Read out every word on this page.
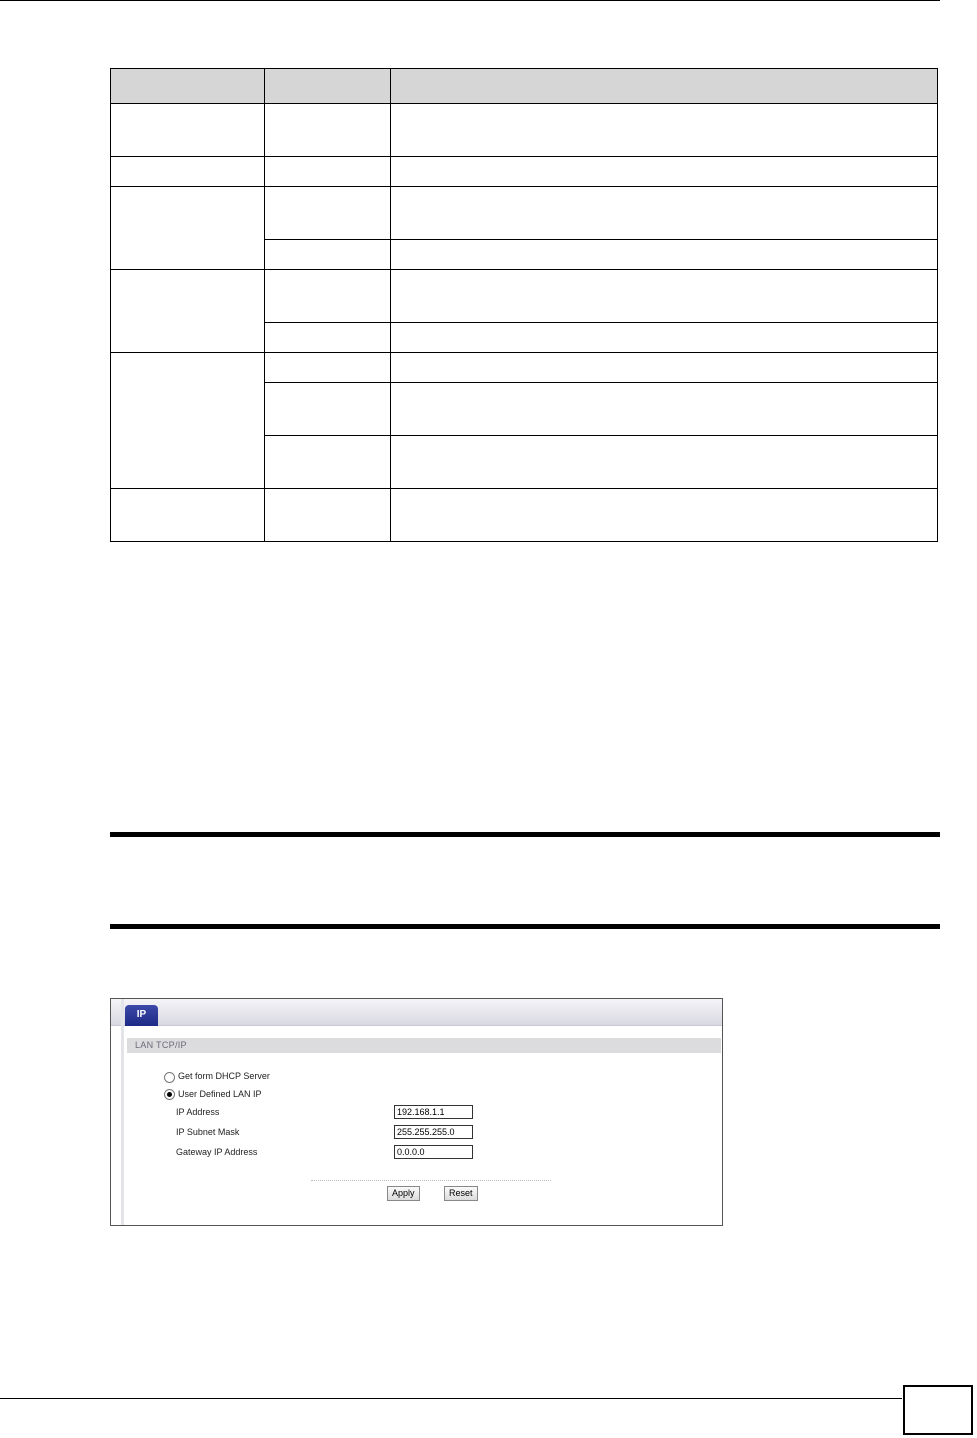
IP
LAN TCP/IP
Get form DHCP Server
User Defined LAN IP
IP Address
192.168.1.1
IP Subnet Mask
255.255.255.0
Gateway IP Address
0.0.0.0
Apply	Reset
